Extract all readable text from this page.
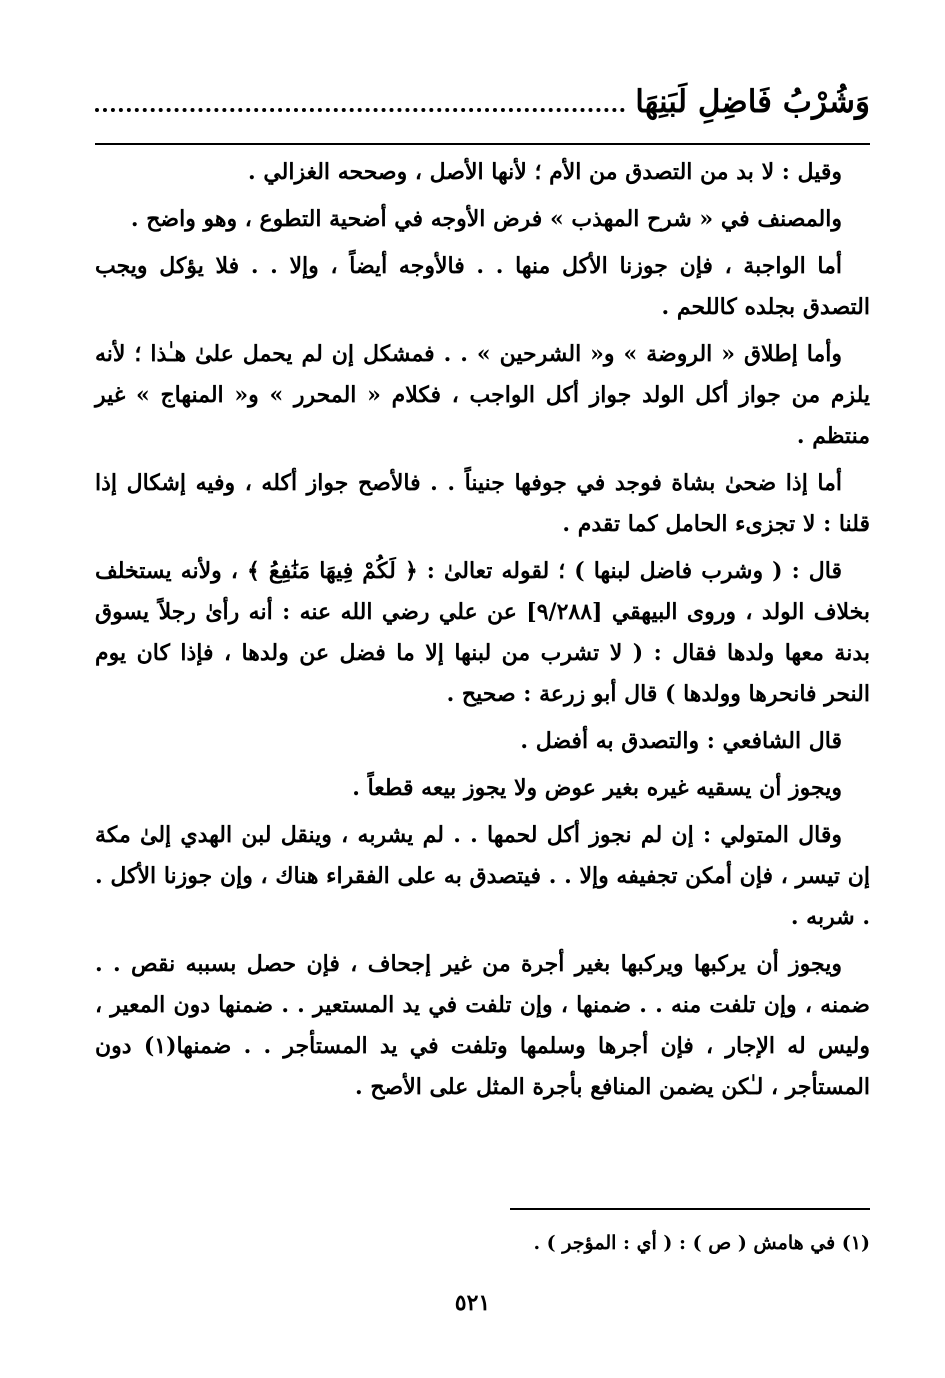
وَشُرْبُ فَاضِلِ لَبَنِهَا

وقيل : لا بد من التصدق من الأم ؛ لأنها الأصل ، وصححه الغزالي .

والمصنف في « شرح المهذب » فرض الأوجه في أضحية التطوع ، وهو واضح .

أما الواجبة ، فإن جوزنا الأكل منها . . فالأوجه أيضاً ، وإلا . . فلا يؤكل ويجب التصدق بجلده كاللحم .

وأما إطلاق « الروضة » و« الشرحين » . . فمشكل إن لم يحمل علىٰ هـٰذا ؛ لأنه يلزم من جواز أكل الولد جواز أكل الواجب ، فكلام « المحرر » و« المنهاج » غير منتظم .

أما إذا ضحىٰ بشاة فوجد في جوفها جنيناً . . فالأصح جواز أكله ، وفيه إشكال إذا قلنا : لا تجزىء الحامل كما تقدم .

قال : ( وشرب فاضل لبنها ) ؛ لقوله تعالىٰ : ﴿ لَكُمْ فِيهَا مَنَٰفِعُ ﴾ ، ولأنه يستخلف بخلاف الولد ، وروى البيهقي [٩/٢٨٨] عن علي رضي الله عنه : أنه رأىٰ رجلاً يسوق بدنة معها ولدها فقال : ( لا تشرب من لبنها إلا ما فضل عن ولدها ، فإذا كان يوم النحر فانحرها وولدها ) قال أبو زرعة : صحيح .

قال الشافعي : والتصدق به أفضل .

ويجوز أن يسقيه غيره بغير عوض ولا يجوز بيعه قطعاً .

وقال المتولي : إن لم نجوز أكل لحمها . . لم يشربه ، وينقل لبن الهدي إلىٰ مكة إن تيسر ، فإن أمكن تجفيفه وإلا . . فيتصدق به على الفقراء هناك ، وإن جوزنا الأكل . . شربه .

ويجوز أن يركبها ويركبها بغير أجرة من غير إجحاف ، فإن حصل بسببه نقص . . ضمنه ، وإن تلفت منه . . ضمنها ، وإن تلفت في يد المستعير . . ضمنها دون المعير ، وليس له الإجار ، فإن أجرها وسلمها وتلفت في يد المستأجر . . ضمنها(١) دون المستأجر ، لـٰكن يضمن المنافع بأجرة المثل على الأصح .

(١) في هامش ( ص ) : ( أي : المؤجر ) .
٥٢١
